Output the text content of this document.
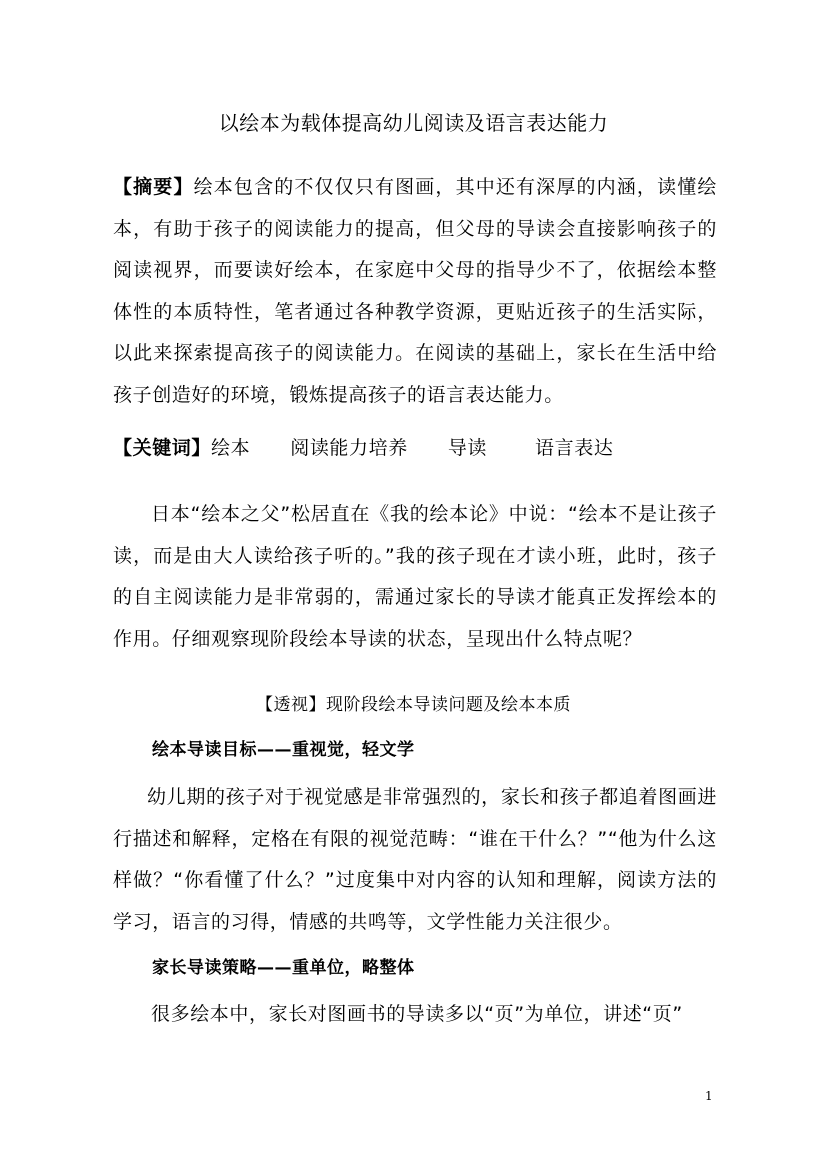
以绘本为载体提高幼儿阅读及语言表达能力
【摘要】绘本包含的不仅仅只有图画，其中还有深厚的内涵，读懂绘本，有助于孩子的阅读能力的提高，但父母的导读会直接影响孩子的阅读视界，而要读好绘本，在家庭中父母的指导少不了，依据绘本整体性的本质特性，笔者通过各种教学资源，更贴近孩子的生活实际，以此来探索提高孩子的阅读能力。在阅读的基础上，家长在生活中给孩子创造好的环境，锻炼提高孩子的语言表达能力。
【关键词】绘本 阅读能力培养 导读	语言表达
日本“绘本之父”松居直在《我的绘本论》中说：“绘本不是让孩子读，而是由大人读给孩子听的。”我的孩子现在才读小班，此时，孩子的自主阅读能力是非常弱的，需通过家长的导读才能真正发挥绘本的作用。仔细观察现阶段绘本导读的状态，呈现出什么特点呢？
【透视】现阶段绘本导读问题及绘本本质
绘本导读目标——重视觉，轻文学
幼儿期的孩子对于视觉感是非常强烈的，家长和孩子都追着图画进行描述和解释，定格在有限的视觉范畴：“谁在干什么？”“他为什么这样做？“你看懂了什么？”过度集中对内容的认知和理解，阅读方法的学习，语言的习得，情感的共鸣等，文学性能力关注很少。
家长导读策略——重单位，略整体
很多绘本中，家长对图画书的导读多以“页”为单位，讲述“页”
1
